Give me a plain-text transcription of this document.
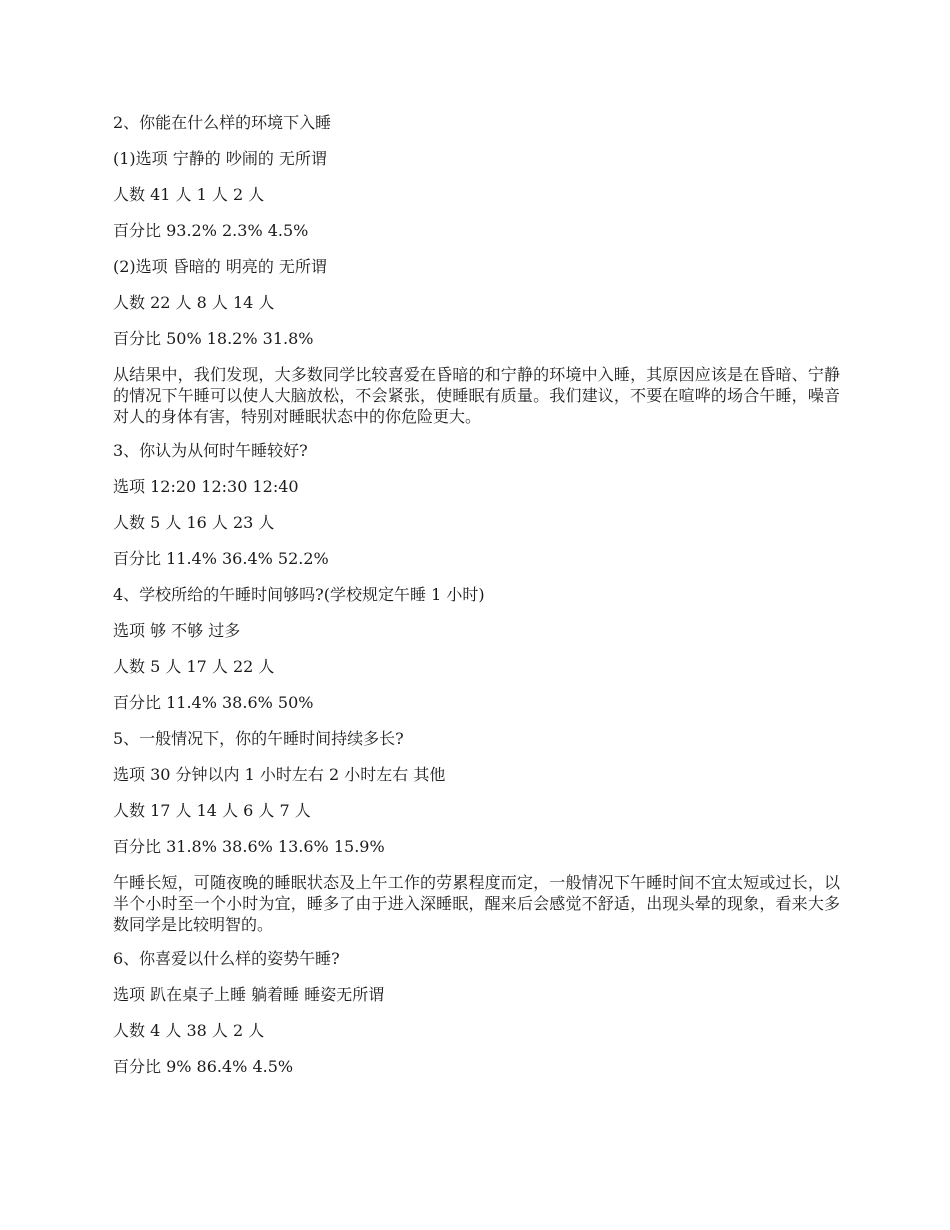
2、你能在什么样的环境下入睡
(1)选项 宁静的 吵闹的 无所谓
人数 41 人 1 人 2 人
百分比 93.2% 2.3% 4.5%
(2)选项 昏暗的 明亮的 无所谓
人数 22 人 8 人 14 人
百分比 50% 18.2% 31.8%
从结果中，我们发现，大多数同学比较喜爱在昏暗的和宁静的环境中入睡，其原因应该是在昏暗、宁静的情况下午睡可以使人大脑放松，不会紧张，使睡眠有质量。我们建议，不要在喧哗的场合午睡，噪音对人的身体有害，特别对睡眠状态中的你危险更大。
3、你认为从何时午睡较好?
选项 12:20 12:30 12:40
人数 5 人 16 人 23 人
百分比 11.4% 36.4% 52.2%
4、学校所给的午睡时间够吗?(学校规定午睡 1 小时)
选项 够 不够 过多
人数 5 人 17 人 22 人
百分比 11.4% 38.6% 50%
5、一般情况下，你的午睡时间持续多长?
选项 30 分钟以内 1 小时左右 2 小时左右 其他
人数 17 人 14 人 6 人 7 人
百分比 31.8% 38.6% 13.6% 15.9%
午睡长短，可随夜晚的睡眠状态及上午工作的劳累程度而定，一般情况下午睡时间不宜太短或过长，以半个小时至一个小时为宜，睡多了由于进入深睡眠，醒来后会感觉不舒适，出现头晕的现象，看来大多数同学是比较明智的。
6、你喜爱以什么样的姿势午睡?
选项 趴在桌子上睡 躺着睡 睡姿无所谓
人数 4 人 38 人 2 人
百分比 9% 86.4% 4.5%
